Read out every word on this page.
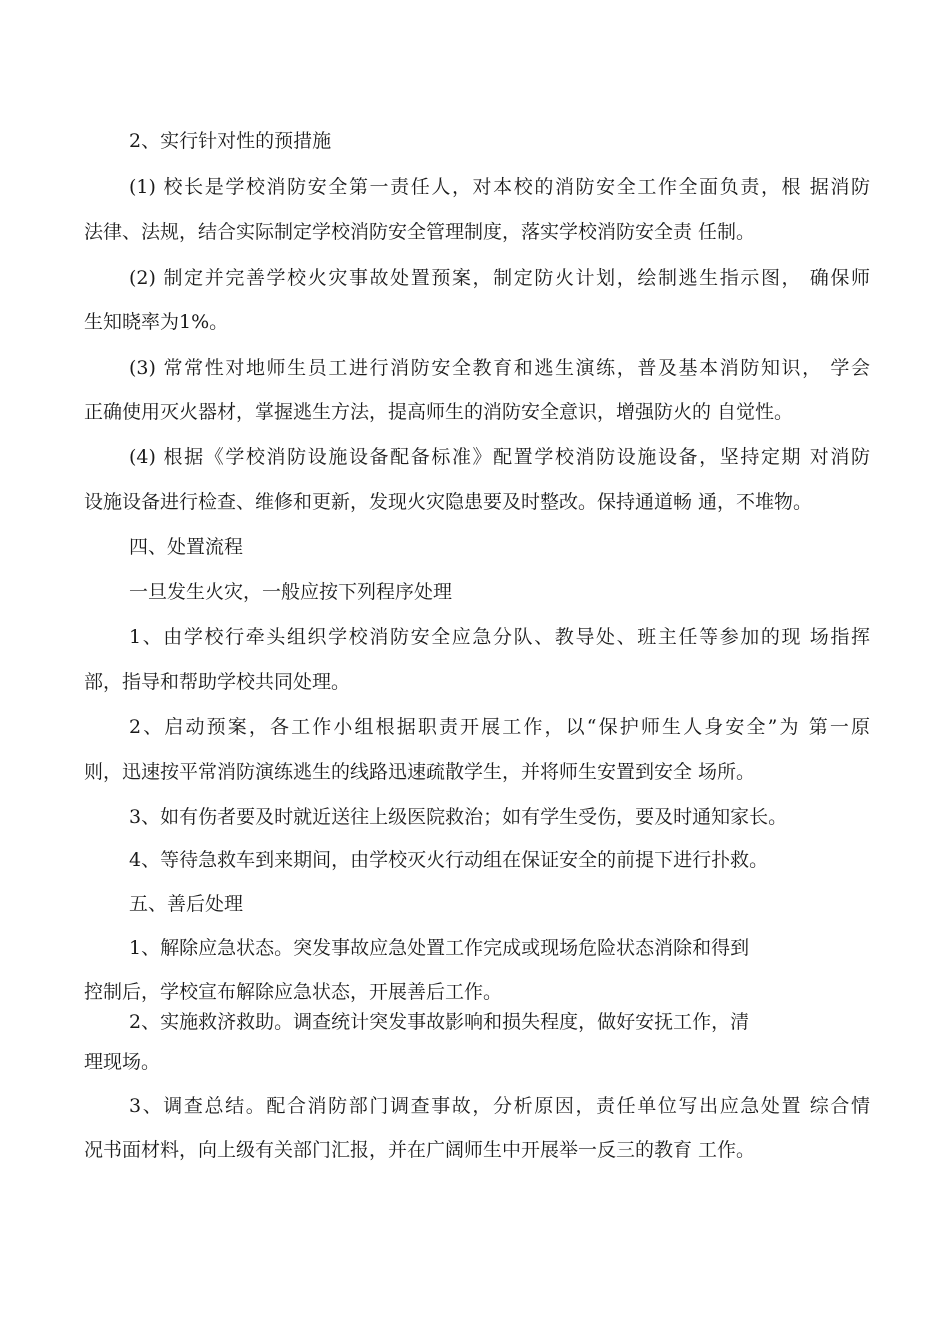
2、实行针对性的预措施
(1) 校长是学校消防安全第一责任人，对本校的消防安全工作全面负责，根 据消防
法律、法规，结合实际制定学校消防安全管理制度，落实学校消防安全责 任制。
(2) 制定并完善学校火灾事故处置预案，制定防火计划，绘制逃生指示图， 确保师
生知晓率为1%。
(3) 常常性对地师生员工进行消防安全教育和逃生演练，普及基本消防知识， 学会
正确使用灭火器材，掌握逃生方法，提高师生的消防安全意识，增强防火的 自觉性。
(4) 根据《学校消防设施设备配备标准》配置学校消防设施设备，坚持定期 对消防
设施设备进行检查、维修和更新，发现火灾隐患要及时整改。保持通道畅 通，不堆物。
四、处置流程
一旦发生火灾，一般应按下列程序处理
1、由学校行牵头组织学校消防安全应急分队、教导处、班主任等参加的现 场指挥
部，指导和帮助学校共同处理。
2、启动预案，各工作小组根据职责开展工作，以“保护师生人身安全”为 第一原
则，迅速按平常消防演练逃生的线路迅速疏散学生，并将师生安置到安全 场所。
3、如有伤者要及时就近送往上级医院救治；如有学生受伤，要及时通知家长。
4、等待急救车到来期间，由学校灭火行动组在保证安全的前提下进行扑救。
五、善后处理
1、解除应急状态。突发事故应急处置工作完成或现场危险状态消除和得到
控制后，学校宣布解除应急状态，开展善后工作。
2、实施救济救助。调查统计突发事故影响和损失程度，做好安抚工作，清
理现场。
3、调查总结。配合消防部门调查事故，分析原因，责任单位写出应急处置 综合情
况书面材料，向上级有关部门汇报，并在广阔师生中开展举一反三的教育 工作。
